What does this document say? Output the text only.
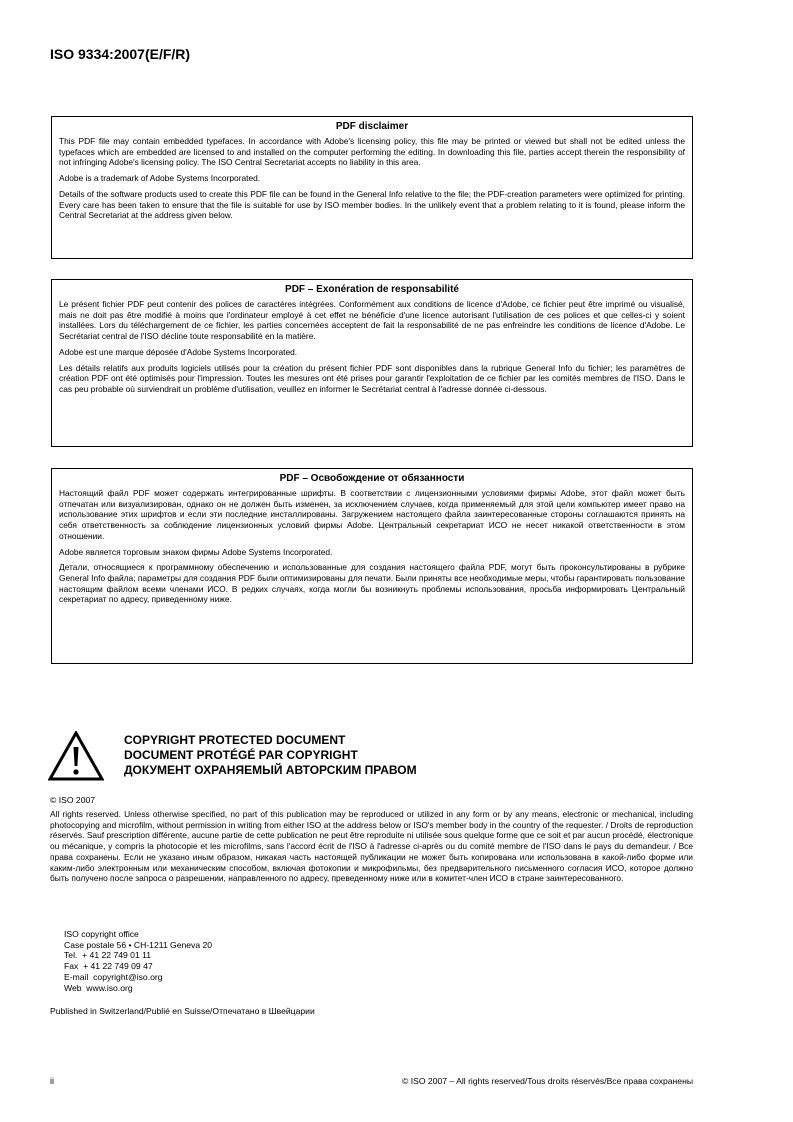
ISO 9334:2007(E/F/R)
PDF disclaimer

This PDF file may contain embedded typefaces. In accordance with Adobe's licensing policy, this file may be printed or viewed but shall not be edited unless the typefaces which are embedded are licensed to and installed on the computer performing the editing. In downloading this file, parties accept therein the responsibility of not infringing Adobe's licensing policy. The ISO Central Secretariat accepts no liability in this area.

Adobe is a trademark of Adobe Systems Incorporated.

Details of the software products used to create this PDF file can be found in the General Info relative to the file; the PDF-creation parameters were optimized for printing. Every care has been taken to ensure that the file is suitable for use by ISO member bodies. In the unlikely event that a problem relating to it is found, please inform the Central Secretariat at the address given below.

PDF – Exonération de responsabilité

Le présent fichier PDF peut contenir des polices de caractères intégrées. Conformément aux conditions de licence d'Adobe, ce fichier peut être imprimé ou visualisé, mais ne doit pas être modifié à moins que l'ordinateur employé à cet effet ne bénéficie d'une licence autorisant l'utilisation de ces polices et que celles-ci y soient installées. Lors du téléchargement de ce fichier, les parties concernées acceptent de fait la responsabilité de ne pas enfreindre les conditions de licence d'Adobe. Le Secrétariat central de l'ISO décline toute responsabilité en la matière.

Adobe est une marque déposée d'Adobe Systems Incorporated.

Les détails relatifs aux produits logiciels utilisés pour la création du présent fichier PDF sont disponibles dans la rubrique General Info du fichier; les paramètres de création PDF ont été optimisés pour l'impression. Toutes les mesures ont été prises pour garantir l'exploitation de ce fichier par les comités membres de l'ISO. Dans le cas peu probable où surviendrait un problème d'utilisation, veuillez en informer le Secrétariat central à l'adresse donnée ci-dessous.

PDF – Освобождение от обязанности

Настоящий файл PDF может содержать интегрированные шрифты. В соответствии с лицензионными условиями фирмы Adobe, этот файл может быть отпечатан или визуализирован, однако он не должен быть изменен, за исключением случаев, когда применяемый для этой цели компьютер имеет право на использование этих шрифтов и если эти последние инсталлированы. Загружением настоящего файла заинтересованные стороны соглашаются принять на себя ответственность за соблюдение лицензионных условий фирмы Adobe. Центральный секретариат ИСО не несет никакой ответственности в этом отношении.

Adobe является торговым знаком фирмы Adobe Systems Incorporated.

Детали, относящиеся к программному обеспечению и использованные для создания настоящего файла PDF, могут быть проконсультированы в рубрике General Info файла; параметры для создания PDF были оптимизированы для печати. Были приняты все необходимые меры, чтобы гарантировать пользование настоящим файлом всеми членами ИСО. В редких случаях, когда могли бы возникнуть проблемы использования, просьба информировать Центральный секретариат по адресу, приведенному ниже.

COPYRIGHT PROTECTED DOCUMENT
DOCUMENT PROTÉGÉ PAR COPYRIGHT
ДОКУМЕНТ ОХРАНЯЕМЫЙ АВТОРСКИМ ПРАВОМ
© ISO 2007

All rights reserved. Unless otherwise specified, no part of this publication may be reproduced or utilized in any form or by any means, electronic or mechanical, including photocopying and microfilm, without permission in writing from either ISO at the address below or ISO's member body in the country of the requester. / Droits de reproduction réservés. Sauf prescription différente, aucune partie de cette publication ne peut être reproduite ni utilisée sous quelque forme que ce soit et par aucun procédé, électronique ou mécanique, y compris la photocopie et les microfilms, sans l'accord écrit de l'ISO à l'adresse ci-après ou du comité membre de l'ISO dans le pays du demandeur. / Все права сохранены. Если не указано иным образом, никакая часть настоящей публикации не может быть копирована или использована в какой-либо форме или каким-либо электронным или механическим способом, включая фотокопии и микрофильмы, без предварительного письменного согласия ИСО, которое должно быть получено после запроса о разрешении, направленного по адресу, преведенному ниже или в комитет-член ИСО в стране заинтересованного.

ISO copyright office
Case postale 56 • CH-1211 Geneva 20
Tel.  + 41 22 749 01 11
Fax  + 41 22 749 09 47
E-mail  copyright@iso.org
Web  www.iso.org
Published in Switzerland/Publié en Suisse/Отпечатано в Швейцарии
ii	© ISO 2007 – All rights reserved/Tous droits réservés/Все права сохранены
